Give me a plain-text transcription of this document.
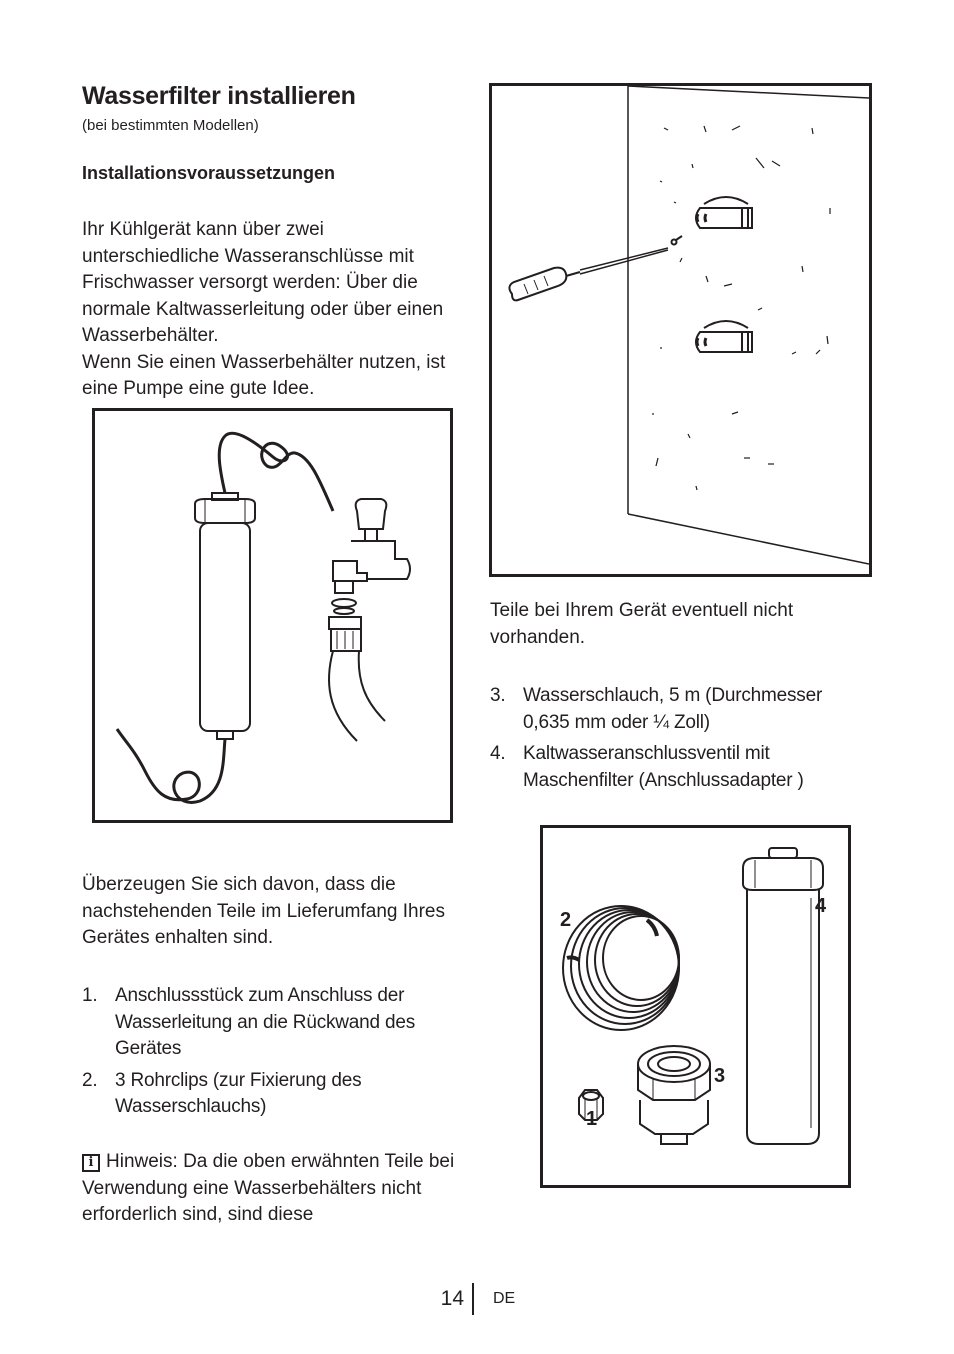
Wasserfilter installieren
(bei bestimmten Modellen)
Installationsvoraussetzungen
Ihr Kühlgerät kann über zwei unterschiedliche Wasseranschlüsse mit Frischwasser versorgt werden: Über die normale Kaltwasserleitung oder über einen Wasserbehälter.
Wenn Sie einen Wasserbehälter nutzen, ist eine Pumpe eine gute Idee.
Überzeugen Sie sich davon, dass die nachstehenden Teile im Lieferumfang Ihres Gerätes enhalten sind.
1. Anschlussstück zum Anschluss der Wasserleitung an die Rückwand des Gerätes
2. 3 Rohrclips (zur Fixierung des Wasserschlauchs)
i Hinweis: Da die oben erwähnten Teile bei Verwendung eine Wasserbehälters nicht erforderlich sind, sind diese
Teile bei Ihrem Gerät eventuell nicht vorhanden.
3. Wasserschlauch, 5 m (Durchmesser 0,635 mm oder ¼ Zoll)
4. Kaltwasseranschlussventil mit Maschenfilter (Anschlussadapter )
1
2
3
4
14 DE
